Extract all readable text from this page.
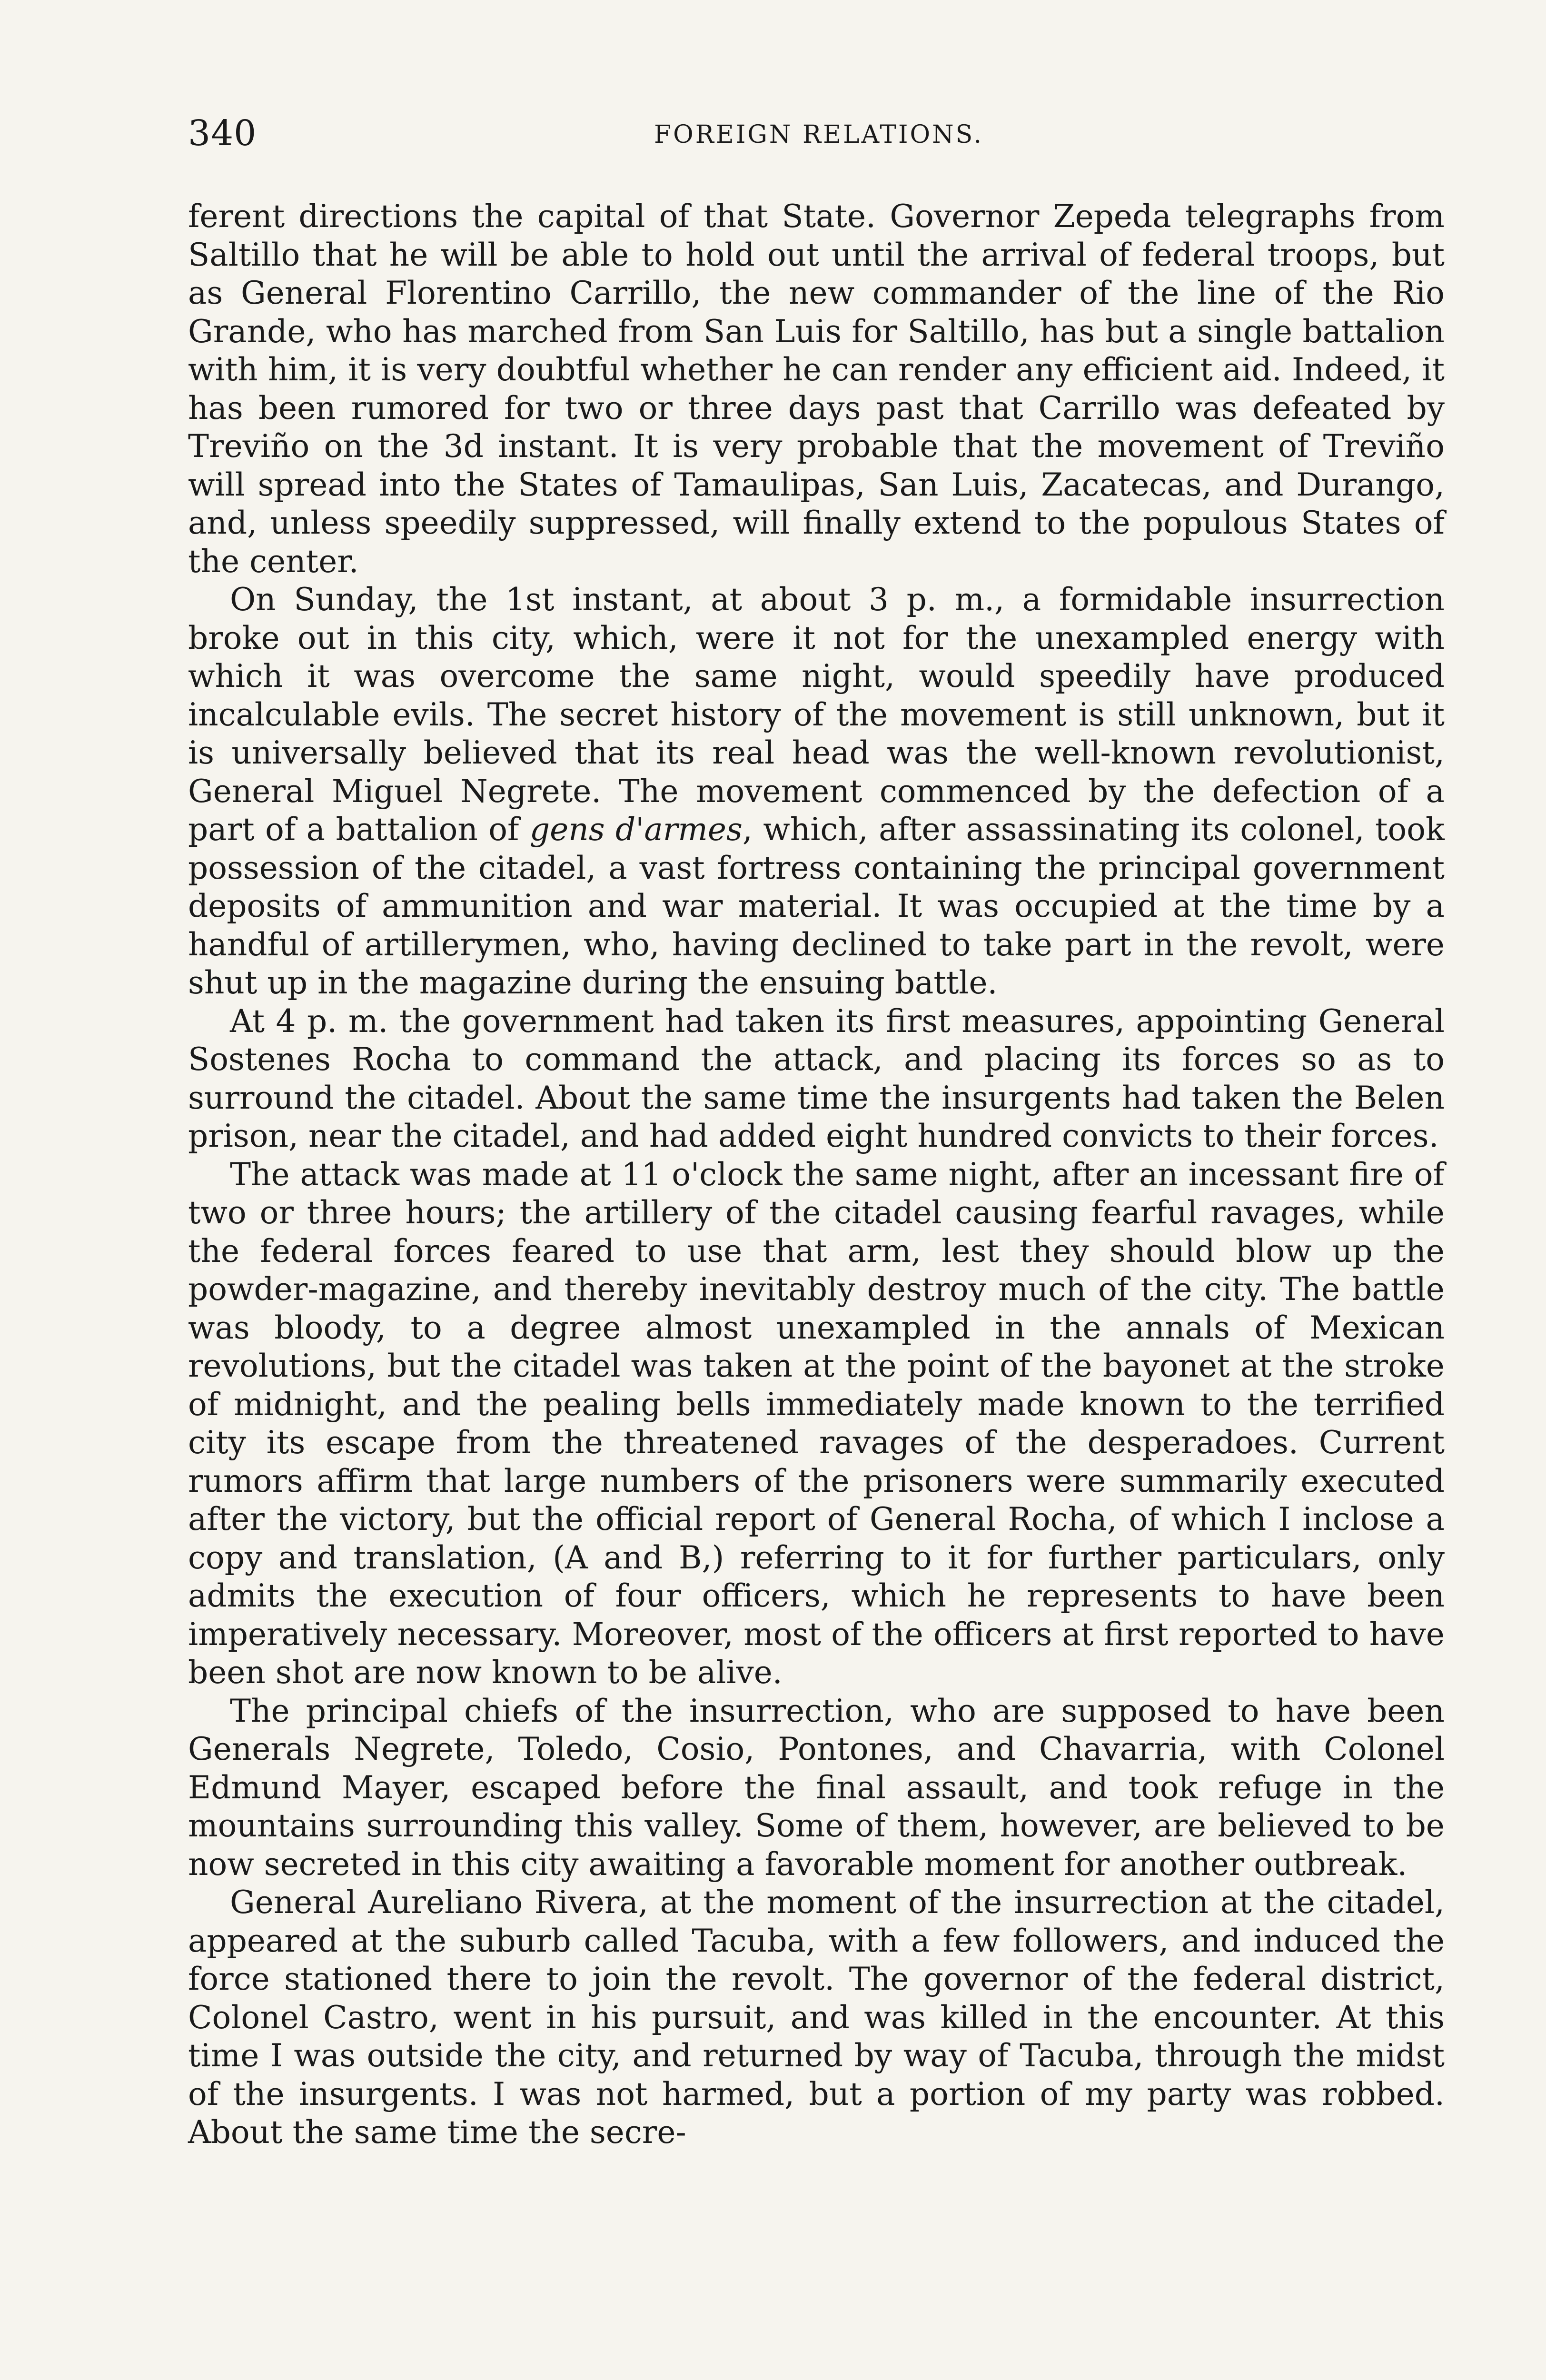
340	FOREIGN RELATIONS.

ferent directions the capital of that State. Governor Zepeda telegraphs from Saltillo that he will be able to hold out until the arrival of federal troops, but as General Florentino Carrillo, the new commander of the line of the Rio Grande, who has marched from San Luis for Saltillo, has but a single battalion with him, it is very doubtful whether he can render any efficient aid. Indeed, it has been rumored for two or three days past that Carrillo was defeated by Treviño on the 3d instant. It is very probable that the movement of Treviño will spread into the States of Tamaulipas, San Luis, Zacatecas, and Durango, and, unless speedily suppressed, will finally extend to the populous States of the center.

On Sunday, the 1st instant, at about 3 p. m., a formidable insurrection broke out in this city, which, were it not for the unexampled energy with which it was overcome the same night, would speedily have produced incalculable evils. The secret history of the movement is still unknown, but it is universally believed that its real head was the well-known revolutionist, General Miguel Negrete. The movement commenced by the defection of a part of a battalion of gens d'armes, which, after assassinating its colonel, took possession of the citadel, a vast fortress containing the principal government deposits of ammunition and war material. It was occupied at the time by a handful of artillerymen, who, having declined to take part in the revolt, were shut up in the magazine during the ensuing battle.

At 4 p. m. the government had taken its first measures, appointing General Sostenes Rocha to command the attack, and placing its forces so as to surround the citadel. About the same time the insurgents had taken the Belen prison, near the citadel, and had added eight hundred convicts to their forces.

The attack was made at 11 o'clock the same night, after an incessant fire of two or three hours; the artillery of the citadel causing fearful ravages, while the federal forces feared to use that arm, lest they should blow up the powder-magazine, and thereby inevitably destroy much of the city. The battle was bloody, to a degree almost unexampled in the annals of Mexican revolutions, but the citadel was taken at the point of the bayonet at the stroke of midnight, and the pealing bells immediately made known to the terrified city its escape from the threatened ravages of the desperadoes. Current rumors affirm that large numbers of the prisoners were summarily executed after the victory, but the official report of General Rocha, of which I inclose a copy and translation, (A and B,) referring to it for further particulars, only admits the execution of four officers, which he represents to have been imperatively necessary. Moreover, most of the officers at first reported to have been shot are now known to be alive.

The principal chiefs of the insurrection, who are supposed to have been Generals Negrete, Toledo, Cosio, Pontones, and Chavarria, with Colonel Edmund Mayer, escaped before the final assault, and took refuge in the mountains surrounding this valley. Some of them, however, are believed to be now secreted in this city awaiting a favorable moment for another outbreak.

General Aureliano Rivera, at the moment of the insurrection at the citadel, appeared at the suburb called Tacuba, with a few followers, and induced the force stationed there to join the revolt. The governor of the federal district, Colonel Castro, went in his pursuit, and was killed in the encounter. At this time I was outside the city, and returned by way of Tacuba, through the midst of the insurgents. I was not harmed, but a portion of my party was robbed. About the same time the secre-
